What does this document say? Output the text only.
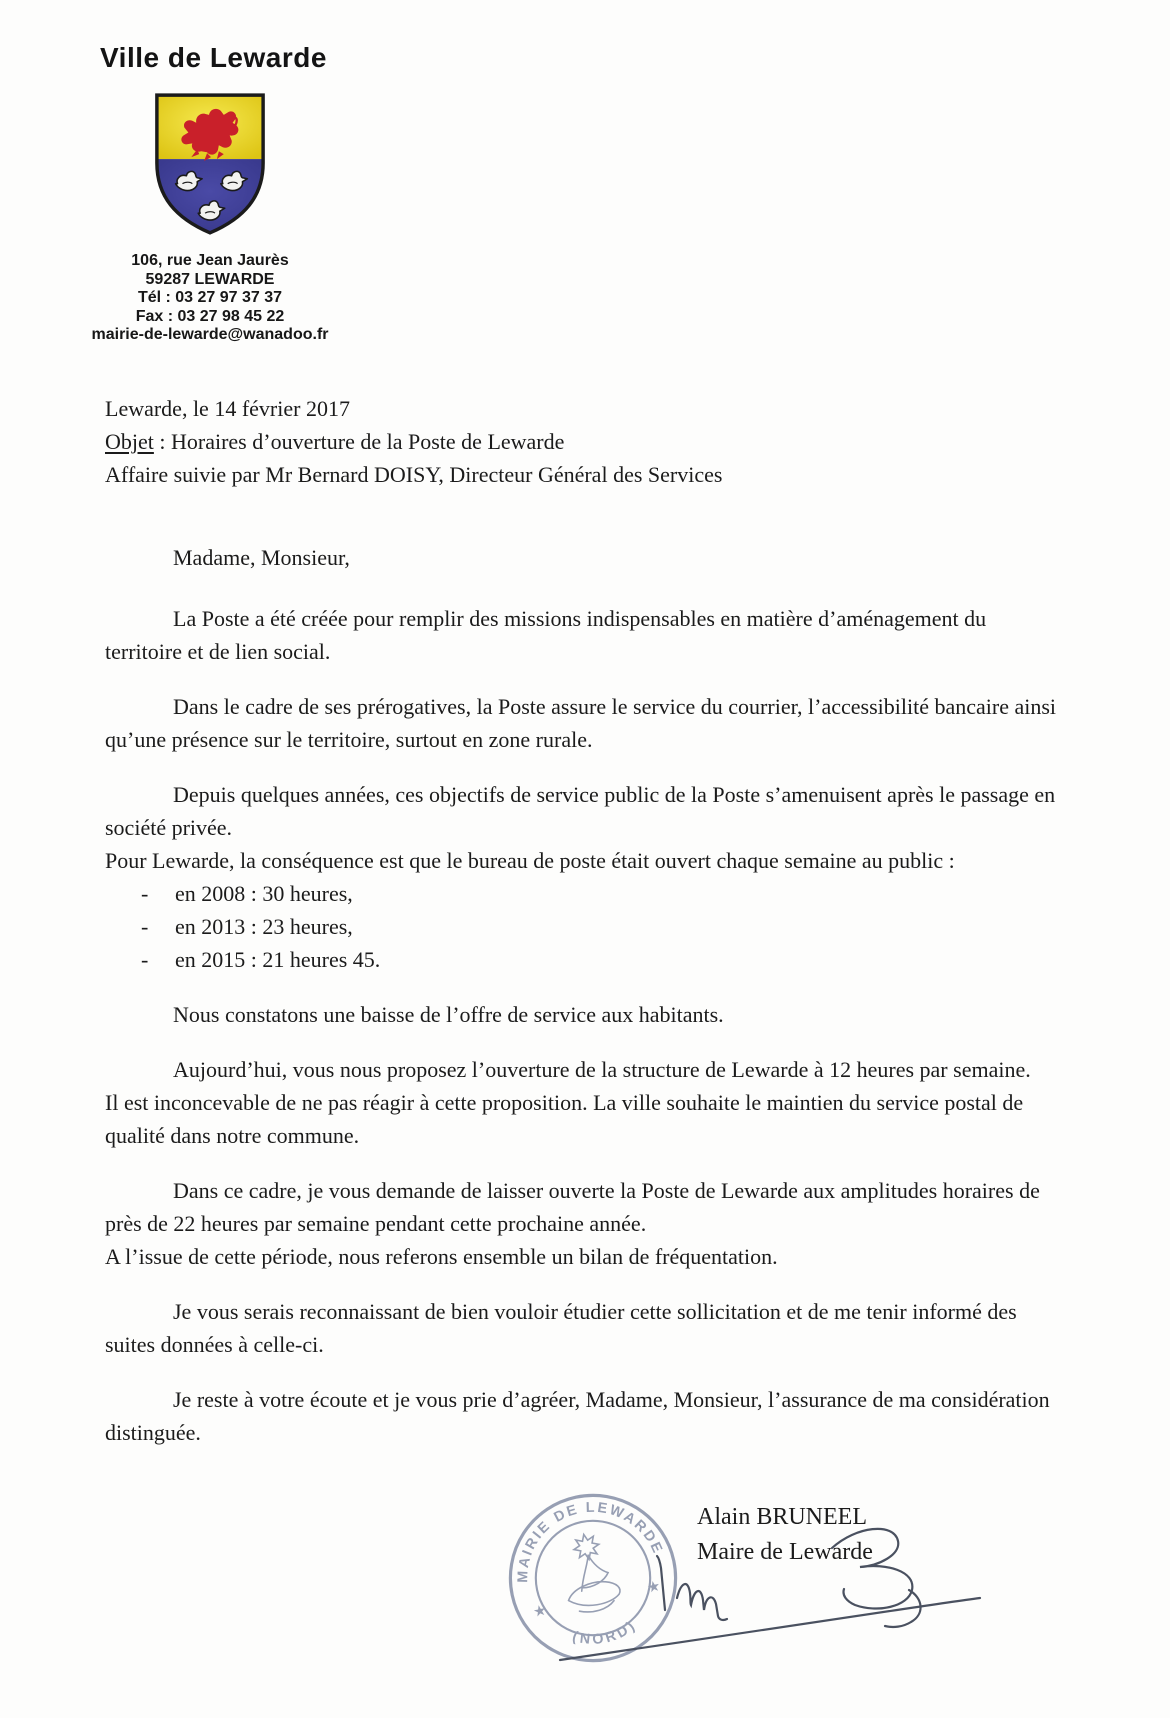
Ville de Lewarde
106, rue Jean Jaurès
59287 LEWARDE
Tél : 03 27 97 37 37
Fax : 03 27 98 45 22
mairie-de-lewarde@wanadoo.fr

Lewarde, le 14 février 2017

Objet : Horaires d’ouverture de la Poste de Lewarde

Affaire suivie par Mr Bernard DOISY, Directeur Général des Services

Madame, Monsieur,

La Poste a été créée pour remplir des missions indispensables en matière d’aménagement du territoire et de lien social.

Dans le cadre de ses prérogatives, la Poste assure le service du courrier, l’accessibilité bancaire ainsi qu’une présence sur le territoire, surtout en zone rurale.

Depuis quelques années, ces objectifs de service public de la Poste s’amenuisent après le passage en société privée.

Pour Lewarde, la conséquence est que le bureau de poste était ouvert chaque semaine au public :

-	en 2008 : 30 heures,
-	en 2013 : 23 heures,
-	en 2015 : 21 heures 45.

Nous constatons une baisse de l’offre de service aux habitants.

Aujourd’hui, vous nous proposez l’ouverture de la structure de Lewarde à 12 heures par semaine.

Il est inconcevable de ne pas réagir à cette proposition. La ville souhaite le maintien du service postal de qualité dans notre commune.

Dans ce cadre, je vous demande de laisser ouverte la Poste de Lewarde aux amplitudes horaires de près de 22 heures par semaine pendant cette prochaine année.

A l’issue de cette période, nous referons ensemble un bilan de fréquentation.

Je vous serais reconnaissant de bien vouloir étudier cette sollicitation et de me tenir informé des suites données à celle-ci.

Je reste à votre écoute et je vous prie d’agréer, Madame, Monsieur, l’assurance de ma considération distinguée.

MAIRIE DE LEWARDE
(NORD)
★
★
Alain BRUNEEL
Maire de Lewarde
